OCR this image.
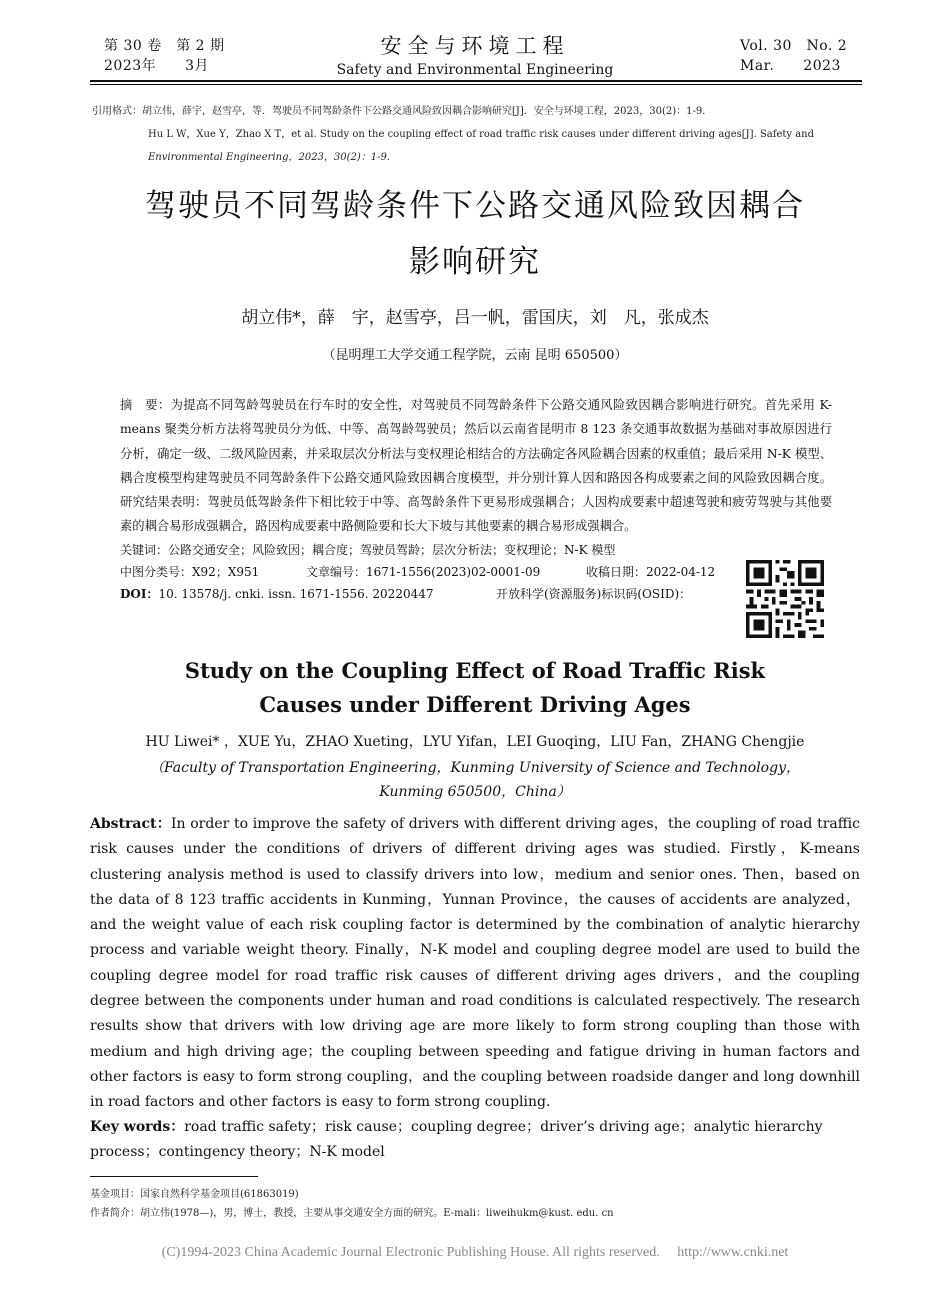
第 30 卷　第 2 期
2023年　　3月
安全与环境工程
Safety and Environmental Engineering
Vol. 30　No. 2
Mar.　　2023
引用格式：胡立伟，薛宇，赵雪亭，等．驾驶员不同驾龄条件下公路交通风险致因耦合影响研究[J]．安全与环境工程，2023，30(2)：1-9．
Hu L W，Xue Y，Zhao X T，et al. Study on the coupling effect of road traffic risk causes under different driving ages[J]. Safety and
Environmental Engineering，2023，30(2)：1-9.
驾驶员不同驾龄条件下公路交通风险致因耦合
影响研究
胡立伟*，薛　宇，赵雪亭，吕一帆，雷国庆，刘　凡，张成杰
（昆明理工大学交通工程学院，云南 昆明 650500）
摘　要：为提高不同驾龄驾驶员在行车时的安全性，对驾驶员不同驾龄条件下公路交通风险致因耦合影响进行研究。首先采用 K-means 聚类分析方法将驾驶员分为低、中等、高驾龄驾驶员；然后以云南省昆明市 8 123 条交通事故数据为基础对事故原因进行分析，确定一级、二级风险因素，并采取层次分析法与变权理论相结合的方法确定各风险耦合因素的权重值；最后采用 N-K 模型、耦合度模型构建驾驶员不同驾龄条件下公路交通风险致因耦合度模型，并分别计算人因和路因各构成要素之间的风险致因耦合度。研究结果表明：驾驶员低驾龄条件下相比较于中等、高驾龄条件下更易形成强耦合；人因构成要素中超速驾驶和疲劳驾驶与其他要素的耦合易形成强耦合，路因构成要素中路侧险要和长大下坡与其他要素的耦合易形成强耦合。
关键词：公路交通安全；风险致因；耦合度；驾驶员驾龄；层次分析法；变权理论；N-K 模型
中图分类号：X92；X951	文章编号：1671-1556(2023)02-0001-09	收稿日期：2022-04-12
DOI：10. 13578/j. cnki. issn. 1671-1556. 20220447	开放科学(资源服务)标识码(OSID)：
Study on the Coupling Effect of Road Traffic Risk
Causes under Different Driving Ages
HU Liwei* ，XUE Yu，ZHAO Xueting，LYU Yifan，LEI Guoqing，LIU Fan，ZHANG Chengjie
（Faculty of Transportation Engineering，Kunming University of Science and Technology，
Kunming 650500，China）
Abstract：In order to improve the safety of drivers with different driving ages，the coupling of road traffic risk causes under the conditions of drivers of different driving ages was studied. Firstly，K-means clustering analysis method is used to classify drivers into low，medium and senior ones. Then，based on the data of 8 123 traffic accidents in Kunming，Yunnan Province，the causes of accidents are analyzed，and the weight value of each risk coupling factor is determined by the combination of analytic hierarchy process and variable weight theory. Finally，N-K model and coupling degree model are used to build the coupling degree model for road traffic risk causes of different driving ages drivers，and the coupling degree between the components under human and road conditions is calculated respectively. The research results show that drivers with low driving age are more likely to form strong coupling than those with medium and high driving age；the coupling between speeding and fatigue driving in human factors and other factors is easy to form strong coupling，and the coupling between roadside danger and long downhill in road factors and other factors is easy to form strong coupling.
Key words：road traffic safety；risk cause；coupling degree；driver’s driving age；analytic hierarchy process；contingency theory；N-K model
基金项目：国家自然科学基金项目(61863019)
作者简介：胡立伟(1978—)，男，博士，教授，主要从事交通安全方面的研究。E-mali：liweihukm@kust. edu. cn
(C)1994-2023 China Academic Journal Electronic Publishing House. All rights reserved.　 http://www.cnki.net
